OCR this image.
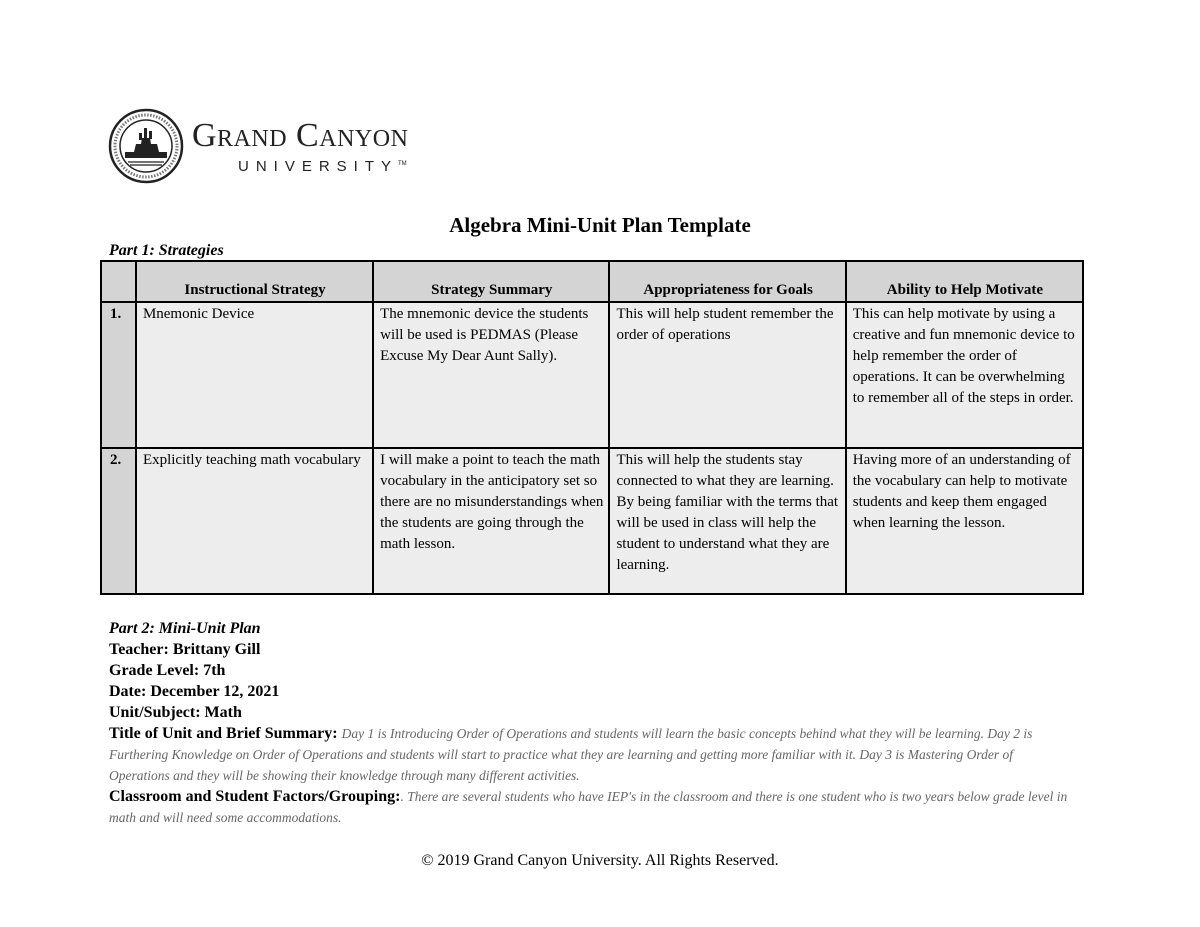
Grand Canyon
UNIVERSITY™
Algebra Mini-Unit Plan Template
Part 1: Strategies
	Instructional Strategy	Strategy Summary	Appropriateness for Goals	Ability to Help Motivate
1.	Mnemonic Device	The mnemonic device the students will be used is PEDMAS (Please Excuse My Dear Aunt Sally).	This will help student remember the order of operations	This can help motivate by using a creative and fun mnemonic device to help remember the order of operations. It can be overwhelming to remember all of the steps in order.
2.	Explicitly teaching math vocabulary	I will make a point to teach the math vocabulary in the anticipatory set so there are no misunderstandings when the students are going through the math lesson.	This will help the students stay connected to what they are learning. By being familiar with the terms that will be used in class will help the student to understand what they are learning.	Having more of an understanding of the vocabulary can help to motivate students and keep them engaged when learning the lesson.
Part 2: Mini-Unit Plan
Teacher: Brittany Gill
Grade Level: 7th
Date: December 12, 2021
Unit/Subject: Math
Title of Unit and Brief Summary: Day 1 is Introducing Order of Operations and students will learn the basic concepts behind what they will be learning. Day 2 is Furthering Knowledge on Order of Operations and students will start to practice what they are learning and getting more familiar with it. Day 3 is Mastering Order of Operations and they will be showing their knowledge through many different activities.
Classroom and Student Factors/Grouping:. There are several students who have IEP's in the classroom and there is one student who is two years below grade level in math and will need some accommodations.
© 2019 Grand Canyon University. All Rights Reserved.
